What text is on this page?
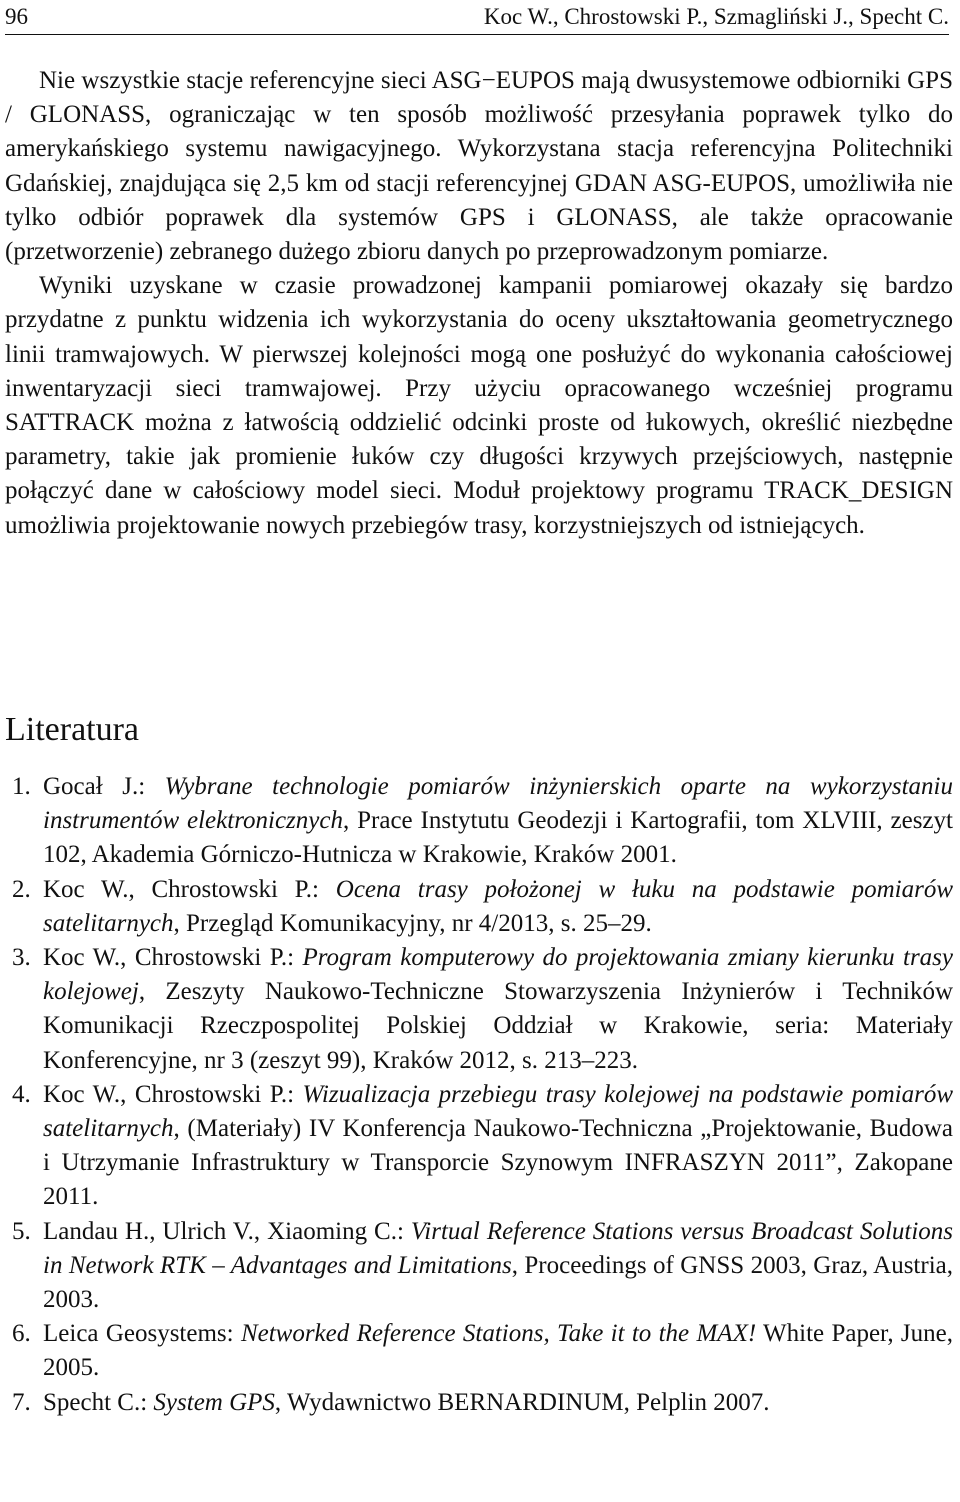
96	Koc W., Chrostowski P., Szmagliński J., Specht C.

Nie wszystkie stacje referencyjne sieci ASG−EUPOS mają dwusystemowe odbiorniki GPS / GLONASS, ograniczając w ten sposób możliwość przesyłania poprawek tylko do amerykańskiego systemu nawigacyjnego. Wykorzystana stacja referencyjna Politechniki Gdańskiej, znajdująca się 2,5 km od stacji referencyjnej GDAN ASG-EUPOS, umożliwiła nie tylko odbiór poprawek dla systemów GPS i GLONASS, ale także opracowanie (przetworzenie) zebranego dużego zbioru danych po przeprowadzonym pomiarze.

Wyniki uzyskane w czasie prowadzonej kampanii pomiarowej okazały się bardzo przydatne z punktu widzenia ich wykorzystania do oceny ukształtowania geometrycznego linii tramwajowych. W pierwszej kolejności mogą one posłużyć do wykonania całościowej inwentaryzacji sieci tramwajowej. Przy użyciu opracowanego wcześniej programu SATTRACK można z łatwością oddzielić odcinki proste od łukowych, określić niezbędne parametry, takie jak promienie łuków czy długości krzywych przejściowych, następnie połączyć dane w całościowy model sieci. Moduł projektowy programu TRACK_DESIGN umożliwia projektowanie nowych przebiegów trasy, korzystniejszych od istniejących.

Literatura
1. Gocał J.: Wybrane technologie pomiarów inżynierskich oparte na wykorzystaniu instrumentów elektronicznych, Prace Instytutu Geodezji i Kartografii, tom XLVIII, zeszyt 102, Akademia Górniczo-Hutnicza w Krakowie, Kraków 2001.
2. Koc W., Chrostowski P.: Ocena trasy położonej w łuku na podstawie pomiarów satelitarnych, Przegląd Komunikacyjny, nr 4/2013, s. 25–29.
3. Koc W., Chrostowski P.: Program komputerowy do projektowania zmiany kierunku trasy kolejowej, Zeszyty Naukowo-Techniczne Stowarzyszenia Inżynierów i Techników Komunikacji Rzeczpospolitej Polskiej Oddział w Krakowie, seria: Materiały Konferencyjne, nr 3 (zeszyt 99), Kraków 2012, s. 213–223.
4. Koc W., Chrostowski P.: Wizualizacja przebiegu trasy kolejowej na podstawie pomiarów satelitarnych, (Materiały) IV Konferencja Naukowo-Techniczna „Projektowanie, Budowa i Utrzymanie Infrastruktury w Transporcie Szynowym INFRASZYN 2011”, Zakopane 2011.
5. Landau H., Ulrich V., Xiaoming C.: Virtual Reference Stations versus Broadcast Solutions in Network RTK – Advantages and Limitations, Proceedings of GNSS 2003, Graz, Austria, 2003.
6. Leica Geosystems: Networked Reference Stations, Take it to the MAX! White Paper, June, 2005.
7. Specht C.: System GPS, Wydawnictwo BERNARDINUM, Pelplin 2007.
